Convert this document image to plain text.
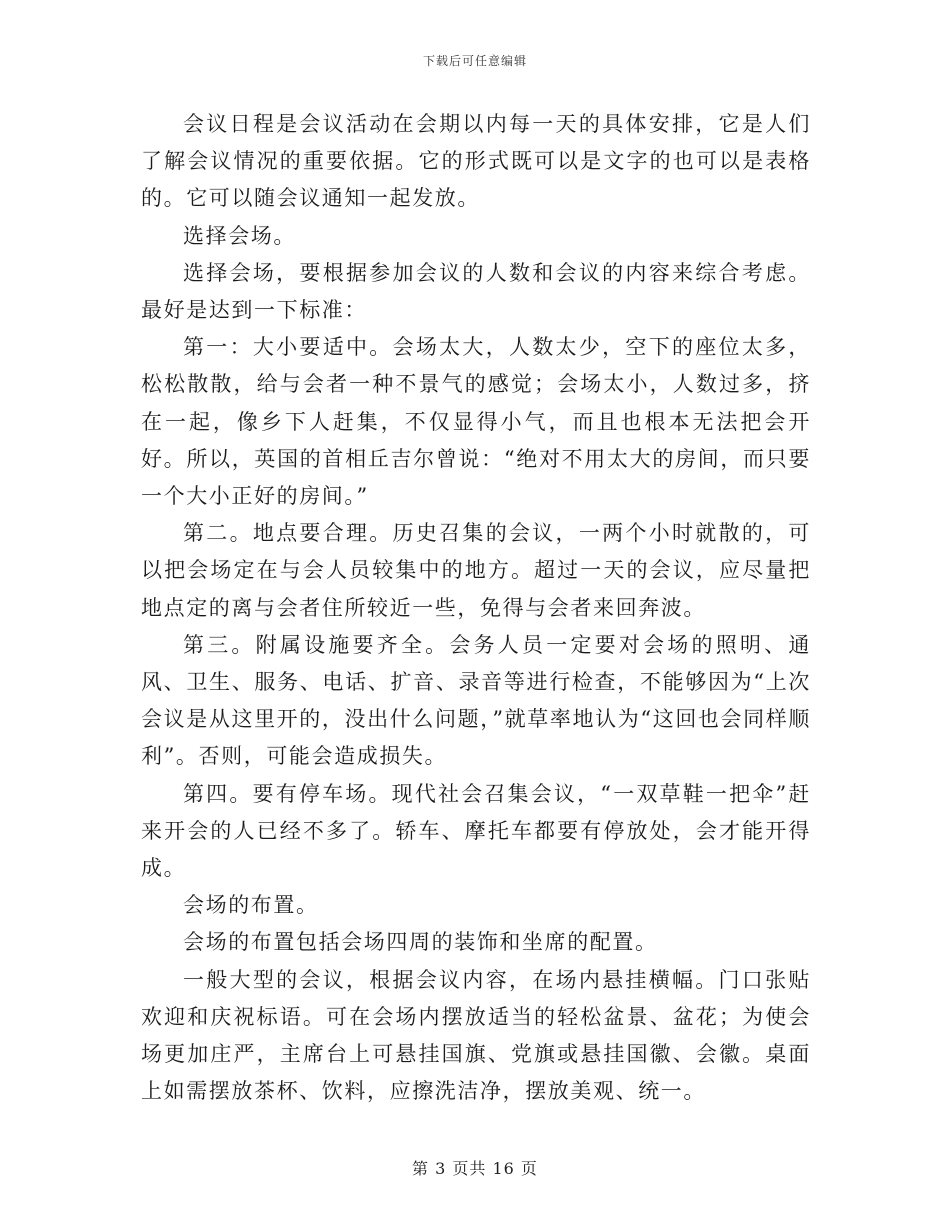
下载后可任意编辑

会议日程是会议活动在会期以内每一天的具体安排，它是人们了解会议情况的重要依据。它的形式既可以是文字的也可以是表格的。它可以随会议通知一起发放。

选择会场。

选择会场，要根据参加会议的人数和会议的内容来综合考虑。最好是达到一下标准：

第一：大小要适中。会场太大，人数太少，空下的座位太多，松松散散，给与会者一种不景气的感觉；会场太小，人数过多，挤在一起，像乡下人赶集，不仅显得小气，而且也根本无法把会开好。所以，英国的首相丘吉尔曾说：“绝对不用太大的房间，而只要一个大小正好的房间。”

第二。地点要合理。历史召集的会议，一两个小时就散的，可以把会场定在与会人员较集中的地方。超过一天的会议，应尽量把地点定的离与会者住所较近一些，免得与会者来回奔波。

第三。附属设施要齐全。会务人员一定要对会场的照明、通风、卫生、服务、电话、扩音、录音等进行检查，不能够因为“上次会议是从这里开的，没出什么问题，”就草率地认为“这回也会同样顺利”。否则，可能会造成损失。

第四。要有停车场。现代社会召集会议，“一双草鞋一把伞”赶来开会的人已经不多了。轿车、摩托车都要有停放处，会才能开得成。

会场的布置。

会场的布置包括会场四周的装饰和坐席的配置。

一般大型的会议，根据会议内容，在场内悬挂横幅。门口张贴欢迎和庆祝标语。可在会场内摆放适当的轻松盆景、盆花；为使会场更加庄严，主席台上可悬挂国旗、党旗或悬挂国徽、会徽。桌面上如需摆放茶杯、饮料，应擦洗洁净，摆放美观、统一。

第 3 页共 16 页
